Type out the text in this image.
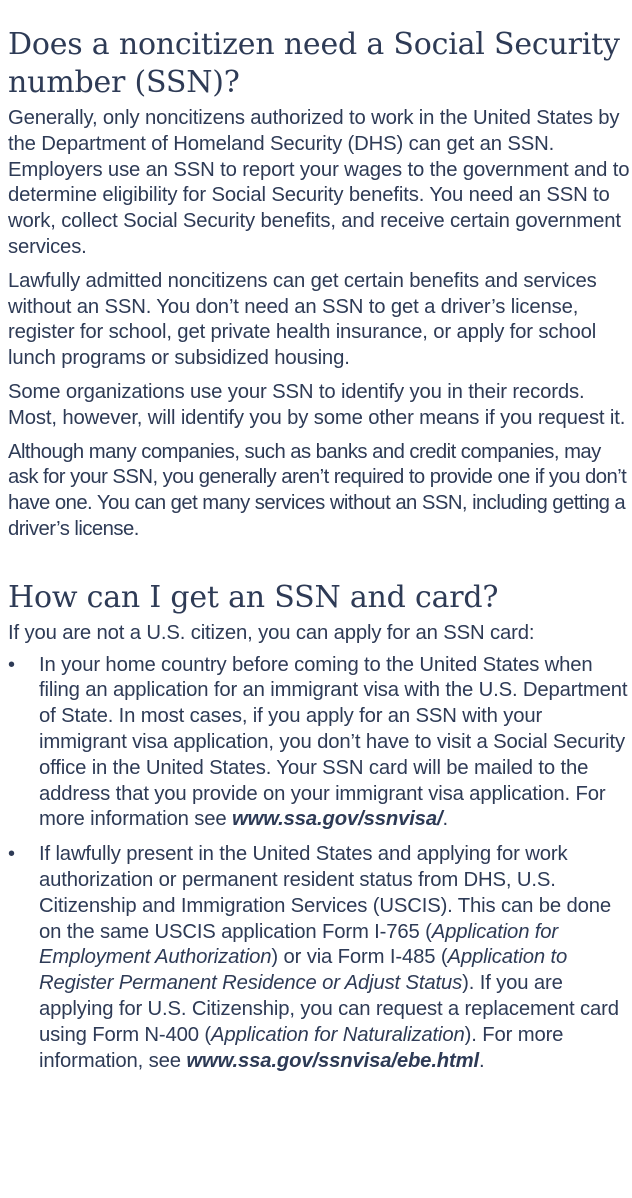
Does a noncitizen need a Social Security number (SSN)?

Generally, only noncitizens authorized to work in the United States by the Department of Homeland Security (DHS) can get an SSN. Employers use an SSN to report your wages to the government and to determine eligibility for Social Security benefits. You need an SSN to work, collect Social Security benefits, and receive certain government services.

Lawfully admitted noncitizens can get certain benefits and services without an SSN. You don’t need an SSN to get a driver’s license, register for school, get private health insurance, or apply for school lunch programs or subsidized housing.

Some organizations use your SSN to identify you in their records. Most, however, will identify you by some other means if you request it.

Although many companies, such as banks and credit companies, may ask for your SSN, you generally aren’t required to provide one if you don’t have one. You can get many services without an SSN, including getting a driver’s license.

How can I get an SSN and card?

If you are not a U.S. citizen, you can apply for an SSN card:

• In your home country before coming to the United States when filing an application for an immigrant visa with the U.S. Department of State. In most cases, if you apply for an SSN with your immigrant visa application, you don’t have to visit a Social Security office in the United States. Your SSN card will be mailed to the address that you provide on your immigrant visa application. For more information see www.ssa.gov/ssnvisa/.
• If lawfully present in the United States and applying for work authorization or permanent resident status from DHS, U.S. Citizenship and Immigration Services (USCIS). This can be done on the same USCIS application Form I-765 (Application for Employment Authorization) or via Form I-485 (Application to Register Permanent Residence or Adjust Status). If you are applying for U.S. Citizenship, you can request a replacement card using Form N-400 (Application for Naturalization). For more information, see www.ssa.gov/ssnvisa/ebe.html.
